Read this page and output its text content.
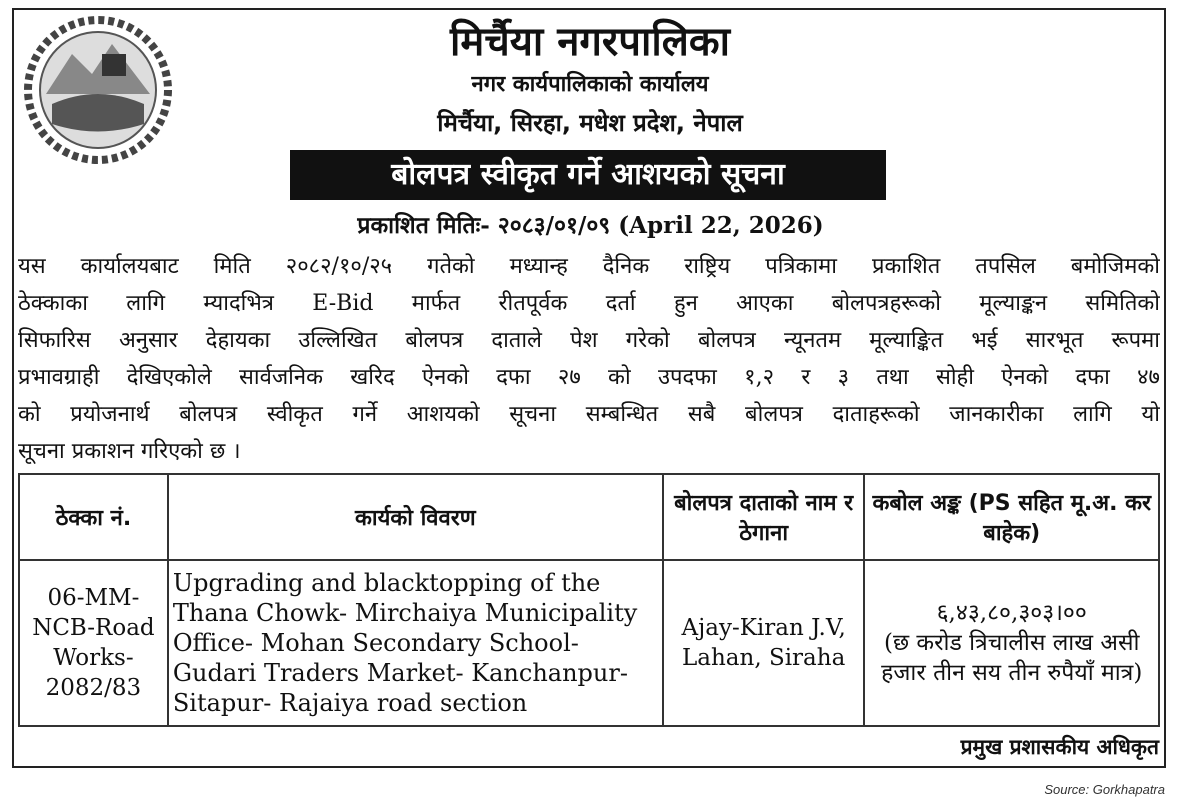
मिर्चैया नगरपालिका
नगर कार्यपालिकाको कार्यालय
मिर्चैया, सिरहा, मधेश प्रदेश, नेपाल
बोलपत्र स्वीकृत गर्ने आशयको सूचना
प्रकाशित मितिः- २०८३/०१/०९ (April 22, 2026)
यस कार्यालयबाट मिति २०८२/१०/२५ गतेको मध्यान्ह दैनिक राष्ट्रिय पत्रिकामा प्रकाशित तपसिल बमोजिमको
ठेक्काका लागि म्यादभित्र E-Bid मार्फत रीतपूर्वक दर्ता हुन आएका बोलपत्रहरूको मूल्याङ्कन समितिको
सिफारिस अनुसार देहायका उल्लिखित बोलपत्र दाताले पेश गरेको बोलपत्र न्यूनतम मूल्याङ्कित भई सारभूत रूपमा
प्रभावग्राही देखिएकोले सार्वजनिक खरिद ऐनको दफा २७ को उपदफा १,२ र ३ तथा सोही ऐनको दफा ४७
को प्रयोजनार्थ बोलपत्र स्वीकृत गर्ने आशयको सूचना सम्बन्धित सबै बोलपत्र दाताहरूको जानकारीका लागि यो
सूचना प्रकाशन गरिएको छ ।
ठेक्का नं.	कार्यको विवरण	बोलपत्र दाताको नाम र ठेगाना	कबोल अङ्क (PS सहित मू.अ. कर बाहेक)
06-MM-NCB-Road Works-2082/83	Upgrading and blacktopping of the Thana Chowk- Mirchaiya Municipality Office- Mohan Secondary School- Gudari Traders Market- Kanchanpur- Sitapur- Rajaiya road section	Ajay-Kiran J.V, Lahan, Siraha	६,४३,८०,३०३।००
(छ करोड त्रिचालीस लाख असी हजार तीन सय तीन रुपैयाँ मात्र)
प्रमुख प्रशासकीय अधिकृत
Source: Gorkhapatra
